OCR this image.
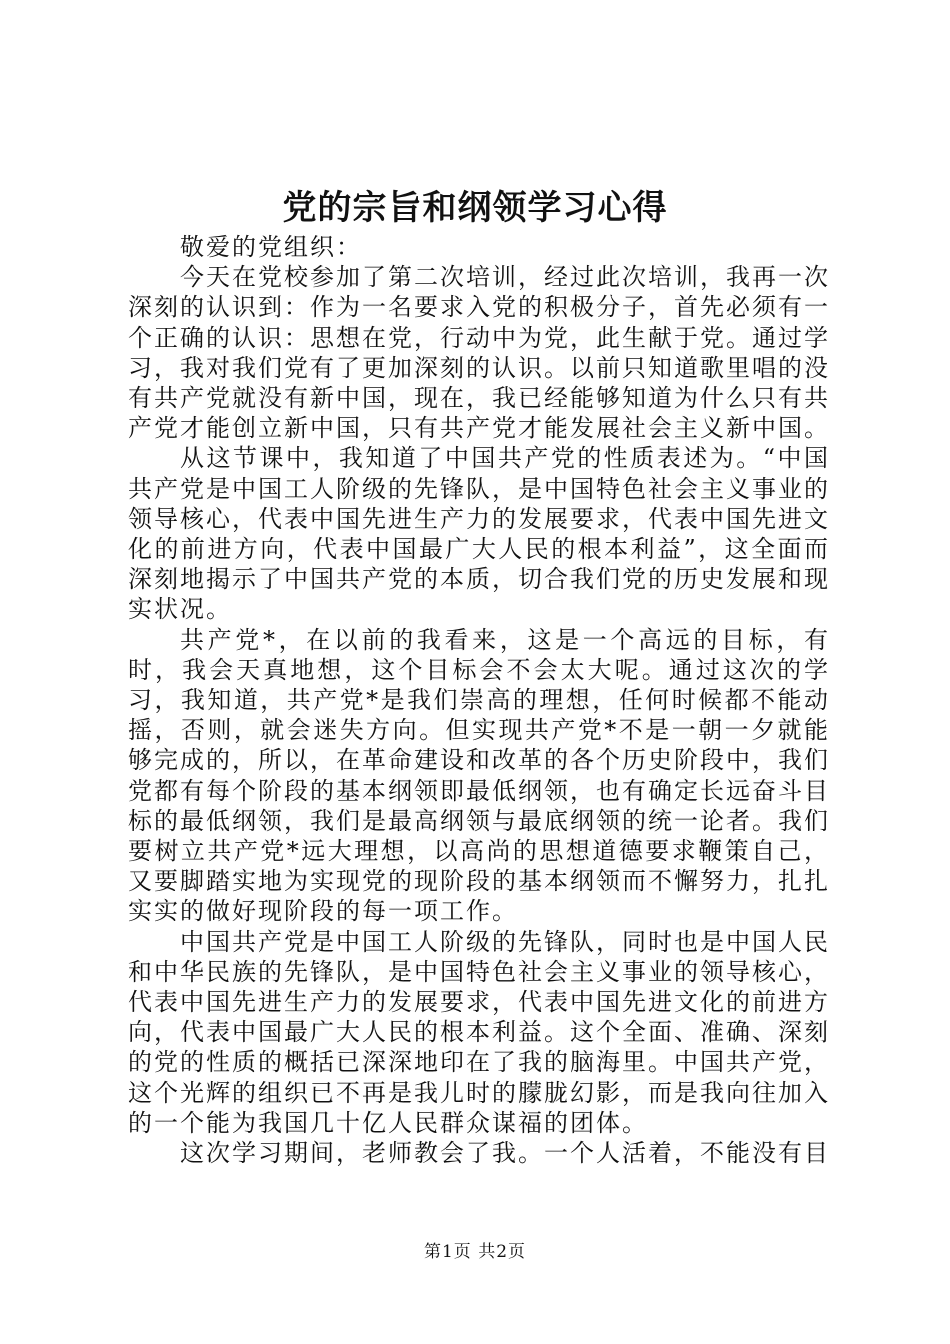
党的宗旨和纲领学习心得

敬爱的党组织：

今天在党校参加了第二次培训，经过此次培训，我再一次深刻的认识到：作为一名要求入党的积极分子，首先必须有一个正确的认识：思想在党，行动中为党，此生献于党。通过学习，我对我们党有了更加深刻的认识。以前只知道歌里唱的没有共产党就没有新中国，现在，我已经能够知道为什么只有共产党才能创立新中国，只有共产党才能发展社会主义新中国。

从这节课中，我知道了中国共产党的性质表述为。“中国共产党是中国工人阶级的先锋队，是中国特色社会主义事业的领导核心，代表中国先进生产力的发展要求，代表中国先进文化的前进方向，代表中国最广大人民的根本利益”，这全面而深刻地揭示了中国共产党的本质，切合我们党的历史发展和现实状况。

共产党*，在以前的我看来，这是一个高远的目标，有时，我会天真地想，这个目标会不会太大呢。通过这次的学习，我知道，共产党*是我们崇高的理想，任何时候都不能动摇，否则，就会迷失方向。但实现共产党*不是一朝一夕就能够完成的，所以，在革命建设和改革的各个历史阶段中，我们党都有每个阶段的基本纲领即最低纲领，也有确定长远奋斗目标的最低纲领，我们是最高纲领与最底纲领的统一论者。我们要树立共产党*远大理想，以高尚的思想道德要求鞭策自己，又要脚踏实地为实现党的现阶段的基本纲领而不懈努力，扎扎实实的做好现阶段的每一项工作。

中国共产党是中国工人阶级的先锋队，同时也是中国人民和中华民族的先锋队，是中国特色社会主义事业的领导核心，代表中国先进生产力的发展要求，代表中国先进文化的前进方向，代表中国最广大人民的根本利益。这个全面、准确、深刻的党的性质的概括已深深地印在了我的脑海里。中国共产党，这个光辉的组织已不再是我儿时的朦胧幻影，而是我向往加入的一个能为我国几十亿人民群众谋福的团体。

这次学习期间，老师教会了我。一个人活着，不能没有目

第1页 共2页
